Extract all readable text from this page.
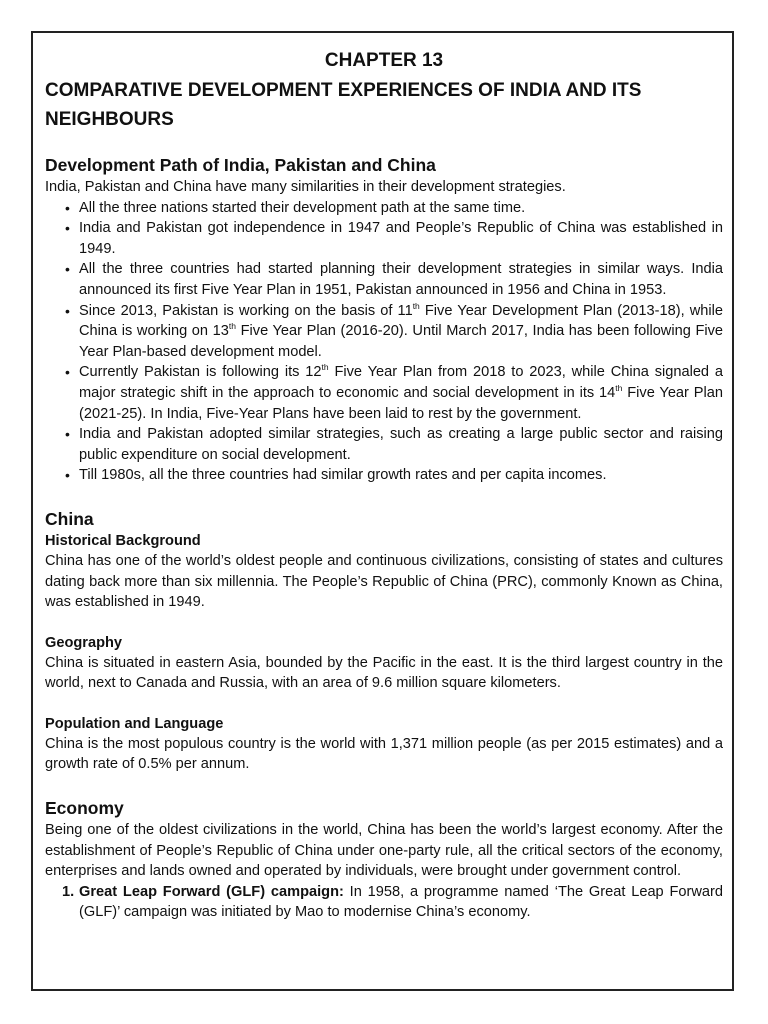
CHAPTER 13
COMPARATIVE DEVELOPMENT EXPERIENCES OF INDIA AND ITS NEIGHBOURS
Development Path of India, Pakistan and China

India, Pakistan and China have many similarities in their development strategies.

• All the three nations started their development path at the same time.
• India and Pakistan got independence in 1947 and People’s Republic of China was established in 1949.
• All the three countries had started planning their development strategies in similar ways. India announced its first Five Year Plan in 1951, Pakistan announced in 1956 and China in 1953.
• Since 2013, Pakistan is working on the basis of 11th Five Year Development Plan (2013-18), while China is working on 13th Five Year Plan (2016-20). Until March 2017, India has been following Five Year Plan-based development model.
• Currently Pakistan is following its 12th Five Year Plan from 2018 to 2023, while China signaled a major strategic shift in the approach to economic and social development in its 14th Five Year Plan (2021-25). In India, Five-Year Plans have been laid to rest by the government.
• India and Pakistan adopted similar strategies, such as creating a large public sector and raising public expenditure on social development.
• Till 1980s, all the three countries had similar growth rates and per capita incomes.
China
Historical Background

China has one of the world’s oldest people and continuous civilizations, consisting of states and cultures dating back more than six millennia. The People’s Republic of China (PRC), commonly Known as China, was established in 1949.

Geography

China is situated in eastern Asia, bounded by the Pacific in the east. It is the third largest country in the world, next to Canada and Russia, with an area of 9.6 million square kilometers.

Population and Language

China is the most populous country is the world with 1,371 million people (as per 2015 estimates) and a growth rate of 0.5% per annum.

Economy

Being one of the oldest civilizations in the world, China has been the world’s largest economy. After the establishment of People’s Republic of China under one-party rule, all the critical sectors of the economy, enterprises and lands owned and operated by individuals, were brought under government control.

1. Great Leap Forward (GLF) campaign: In 1958, a programme named ‘The Great Leap Forward (GLF)’ campaign was initiated by Mao to modernise China’s economy.
